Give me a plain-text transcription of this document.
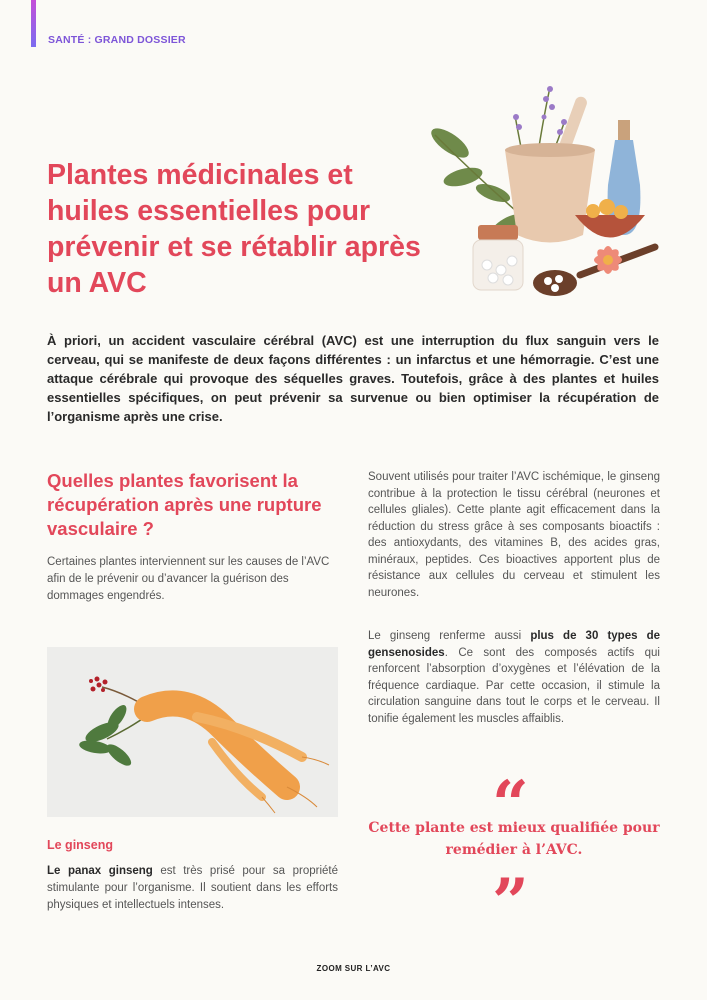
SANTÉ : GRAND DOSSIER
Plantes médicinales et huiles essentielles pour prévenir et se rétablir après un AVC

À priori, un accident vasculaire cérébral (AVC) est une interruption du flux sanguin vers le cerveau, qui se manifeste de deux façons différentes : un infarctus et une hémorragie. C’est une attaque cérébrale qui provoque des séquelles graves. Toutefois, grâce à des plantes et huiles essentielles spécifiques, on peut prévenir sa survenue ou bien optimiser la récupération de l’organisme après une crise.

Quelles plantes favorisent la récupération après une rupture vasculaire ?

Certaines plantes interviennent sur les causes de l’AVC afin de le prévenir ou d’avancer la guérison des dommages engendrés.

Le ginseng

Le panax ginseng est très prisé pour sa propriété stimulante pour l’organisme. Il soutient dans les efforts physiques et intellectuels intenses.

Souvent utilisés pour traiter l’AVC ischémique, le ginseng contribue à la protection le tissu cérébral (neurones et cellules gliales). Cette plante agit efficacement dans la réduction du stress grâce à ses composants bioactifs : des antioxydants, des vitamines B, des acides gras, minéraux, peptides. Ces bioactives apportent plus de résistance aux cellules du cerveau et stimulent les neurones.

Le ginseng renferme aussi plus de 30 types de gensenosides. Ce sont des composés actifs qui renforcent l’absorption d’oxygènes et l’élévation de la fréquence cardiaque. Par cette occasion, il stimule la circulation sanguine dans tout le corps et le cerveau. Il tonifie également les muscles affaiblis.

“

Cette plante est mieux qualifiée pour remédier à l’AVC.

”
ZOOM SUR L’AVC
